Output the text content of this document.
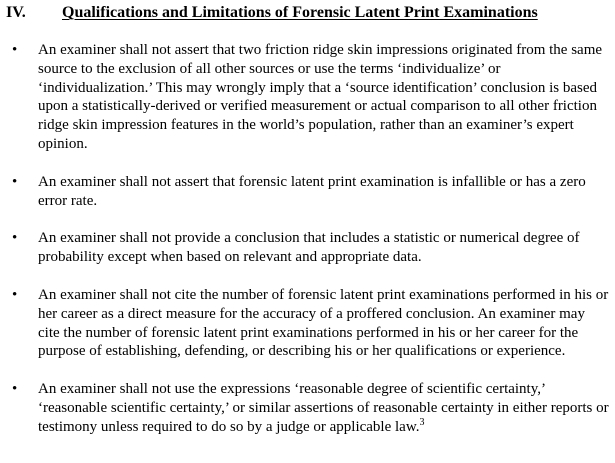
IV. Qualifications and Limitations of Forensic Latent Print Examinations
•	An examiner shall not assert that two friction ridge skin impressions originated from the same source to the exclusion of all other sources or use the terms ‘individualize’ or ‘individualization.’ This may wrongly imply that a ‘source identification’ conclusion is based upon a statistically-derived or verified measurement or actual comparison to all other friction ridge skin impression features in the world’s population, rather than an examiner’s expert opinion.
•	An examiner shall not assert that forensic latent print examination is infallible or has a zero error rate.
•	An examiner shall not provide a conclusion that includes a statistic or numerical degree of probability except when based on relevant and appropriate data.
•	An examiner shall not cite the number of forensic latent print examinations performed in his or her career as a direct measure for the accuracy of a proffered conclusion. An examiner may cite the number of forensic latent print examinations performed in his or her career for the purpose of establishing, defending, or describing his or her qualifications or experience.
•	An examiner shall not use the expressions ‘reasonable degree of scientific certainty,’ ‘reasonable scientific certainty,’ or similar assertions of reasonable certainty in either reports or testimony unless required to do so by a judge or applicable law.$^3$
